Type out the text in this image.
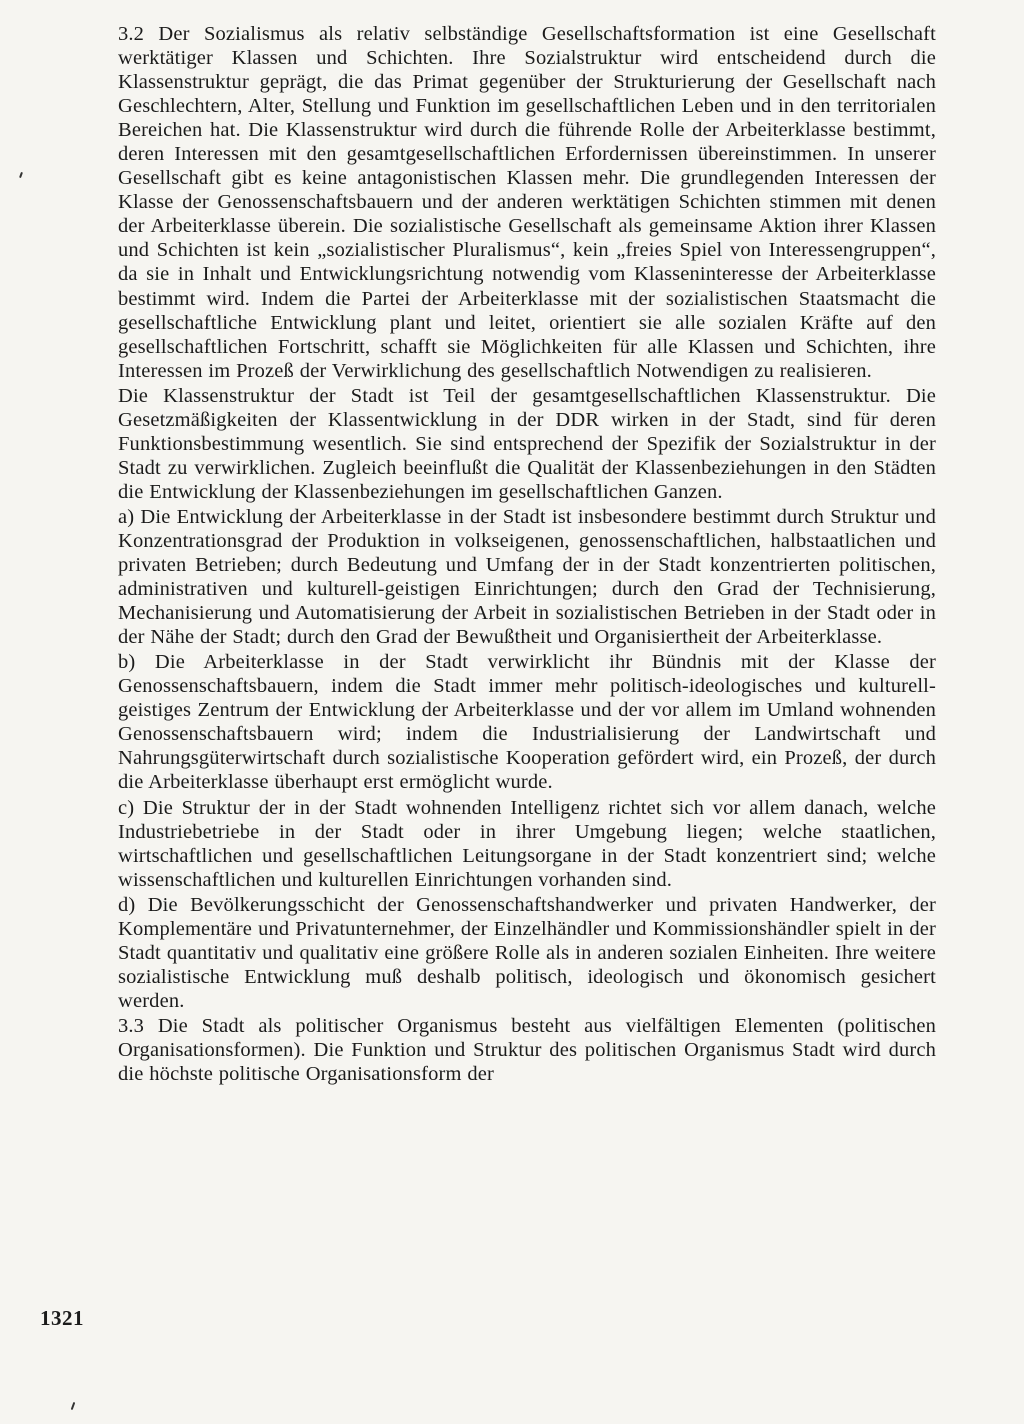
3.2 Der Sozialismus als relativ selbständige Gesellschaftsformation ist eine Gesellschaft werktätiger Klassen und Schichten. Ihre Sozialstruktur wird entscheidend durch die Klassenstruktur geprägt, die das Primat gegenüber der Strukturierung der Gesellschaft nach Geschlechtern, Alter, Stellung und Funktion im gesellschaftlichen Leben und in den territorialen Bereichen hat. Die Klassenstruktur wird durch die führende Rolle der Arbeiterklasse bestimmt, deren Interessen mit den gesamtgesellschaftlichen Erfordernissen übereinstimmen. In unserer Gesellschaft gibt es keine antagonistischen Klassen mehr. Die grundlegenden Interessen der Klasse der Genossenschaftsbauern und der anderen werktätigen Schichten stimmen mit denen der Arbeiterklasse überein. Die sozialistische Gesellschaft als gemeinsame Aktion ihrer Klassen und Schichten ist kein „sozialistischer Pluralismus“, kein „freies Spiel von Interessengruppen“, da sie in Inhalt und Entwicklungsrichtung notwendig vom Klasseninteresse der Arbeiterklasse bestimmt wird. Indem die Partei der Arbeiterklasse mit der sozialistischen Staatsmacht die gesellschaftliche Entwicklung plant und leitet, orientiert sie alle sozialen Kräfte auf den gesellschaftlichen Fortschritt, schafft sie Möglichkeiten für alle Klassen und Schichten, ihre Interessen im Prozeß der Verwirklichung des gesellschaftlich Notwendigen zu realisieren.

Die Klassenstruktur der Stadt ist Teil der gesamtgesellschaftlichen Klassenstruktur. Die Gesetzmäßigkeiten der Klassentwicklung in der DDR wirken in der Stadt, sind für deren Funktionsbestimmung wesentlich. Sie sind entsprechend der Spezifik der Sozialstruktur in der Stadt zu verwirklichen. Zugleich beeinflußt die Qualität der Klassenbeziehungen in den Städten die Entwicklung der Klassenbeziehungen im gesellschaftlichen Ganzen.

a) Die Entwicklung der Arbeiterklasse in der Stadt ist insbesondere bestimmt durch Struktur und Konzentrationsgrad der Produktion in volkseigenen, genossenschaftlichen, halbstaatlichen und privaten Betrieben; durch Bedeutung und Umfang der in der Stadt konzentrierten politischen, administrativen und kulturell-geistigen Einrichtungen; durch den Grad der Technisierung, Mechanisierung und Automatisierung der Arbeit in sozialistischen Betrieben in der Stadt oder in der Nähe der Stadt; durch den Grad der Bewußtheit und Organisiertheit der Arbeiterklasse.

b) Die Arbeiterklasse in der Stadt verwirklicht ihr Bündnis mit der Klasse der Genossenschaftsbauern, indem die Stadt immer mehr politisch-ideologisches und kulturell-geistiges Zentrum der Entwicklung der Arbeiterklasse und der vor allem im Umland wohnenden Genossenschaftsbauern wird; indem die Industrialisierung der Landwirtschaft und Nahrungsgüterwirtschaft durch sozialistische Kooperation gefördert wird, ein Prozeß, der durch die Arbeiterklasse überhaupt erst ermöglicht wurde.

c) Die Struktur der in der Stadt wohnenden Intelligenz richtet sich vor allem danach, welche Industriebetriebe in der Stadt oder in ihrer Umgebung liegen; welche staatlichen, wirtschaftlichen und gesellschaftlichen Leitungsorgane in der Stadt konzentriert sind; welche wissenschaftlichen und kulturellen Einrichtungen vorhanden sind.

d) Die Bevölkerungsschicht der Genossenschaftshandwerker und privaten Handwerker, der Komplementäre und Privatunternehmer, der Einzelhändler und Kommissionshändler spielt in der Stadt quantitativ und qualitativ eine größere Rolle als in anderen sozialen Einheiten. Ihre weitere sozialistische Entwicklung muß deshalb politisch, ideologisch und ökonomisch gesichert werden.

3.3 Die Stadt als politischer Organismus besteht aus vielfältigen Elementen (politischen Organisationsformen). Die Funktion und Struktur des politischen Organismus Stadt wird durch die höchste politische Organisationsform der

1321
